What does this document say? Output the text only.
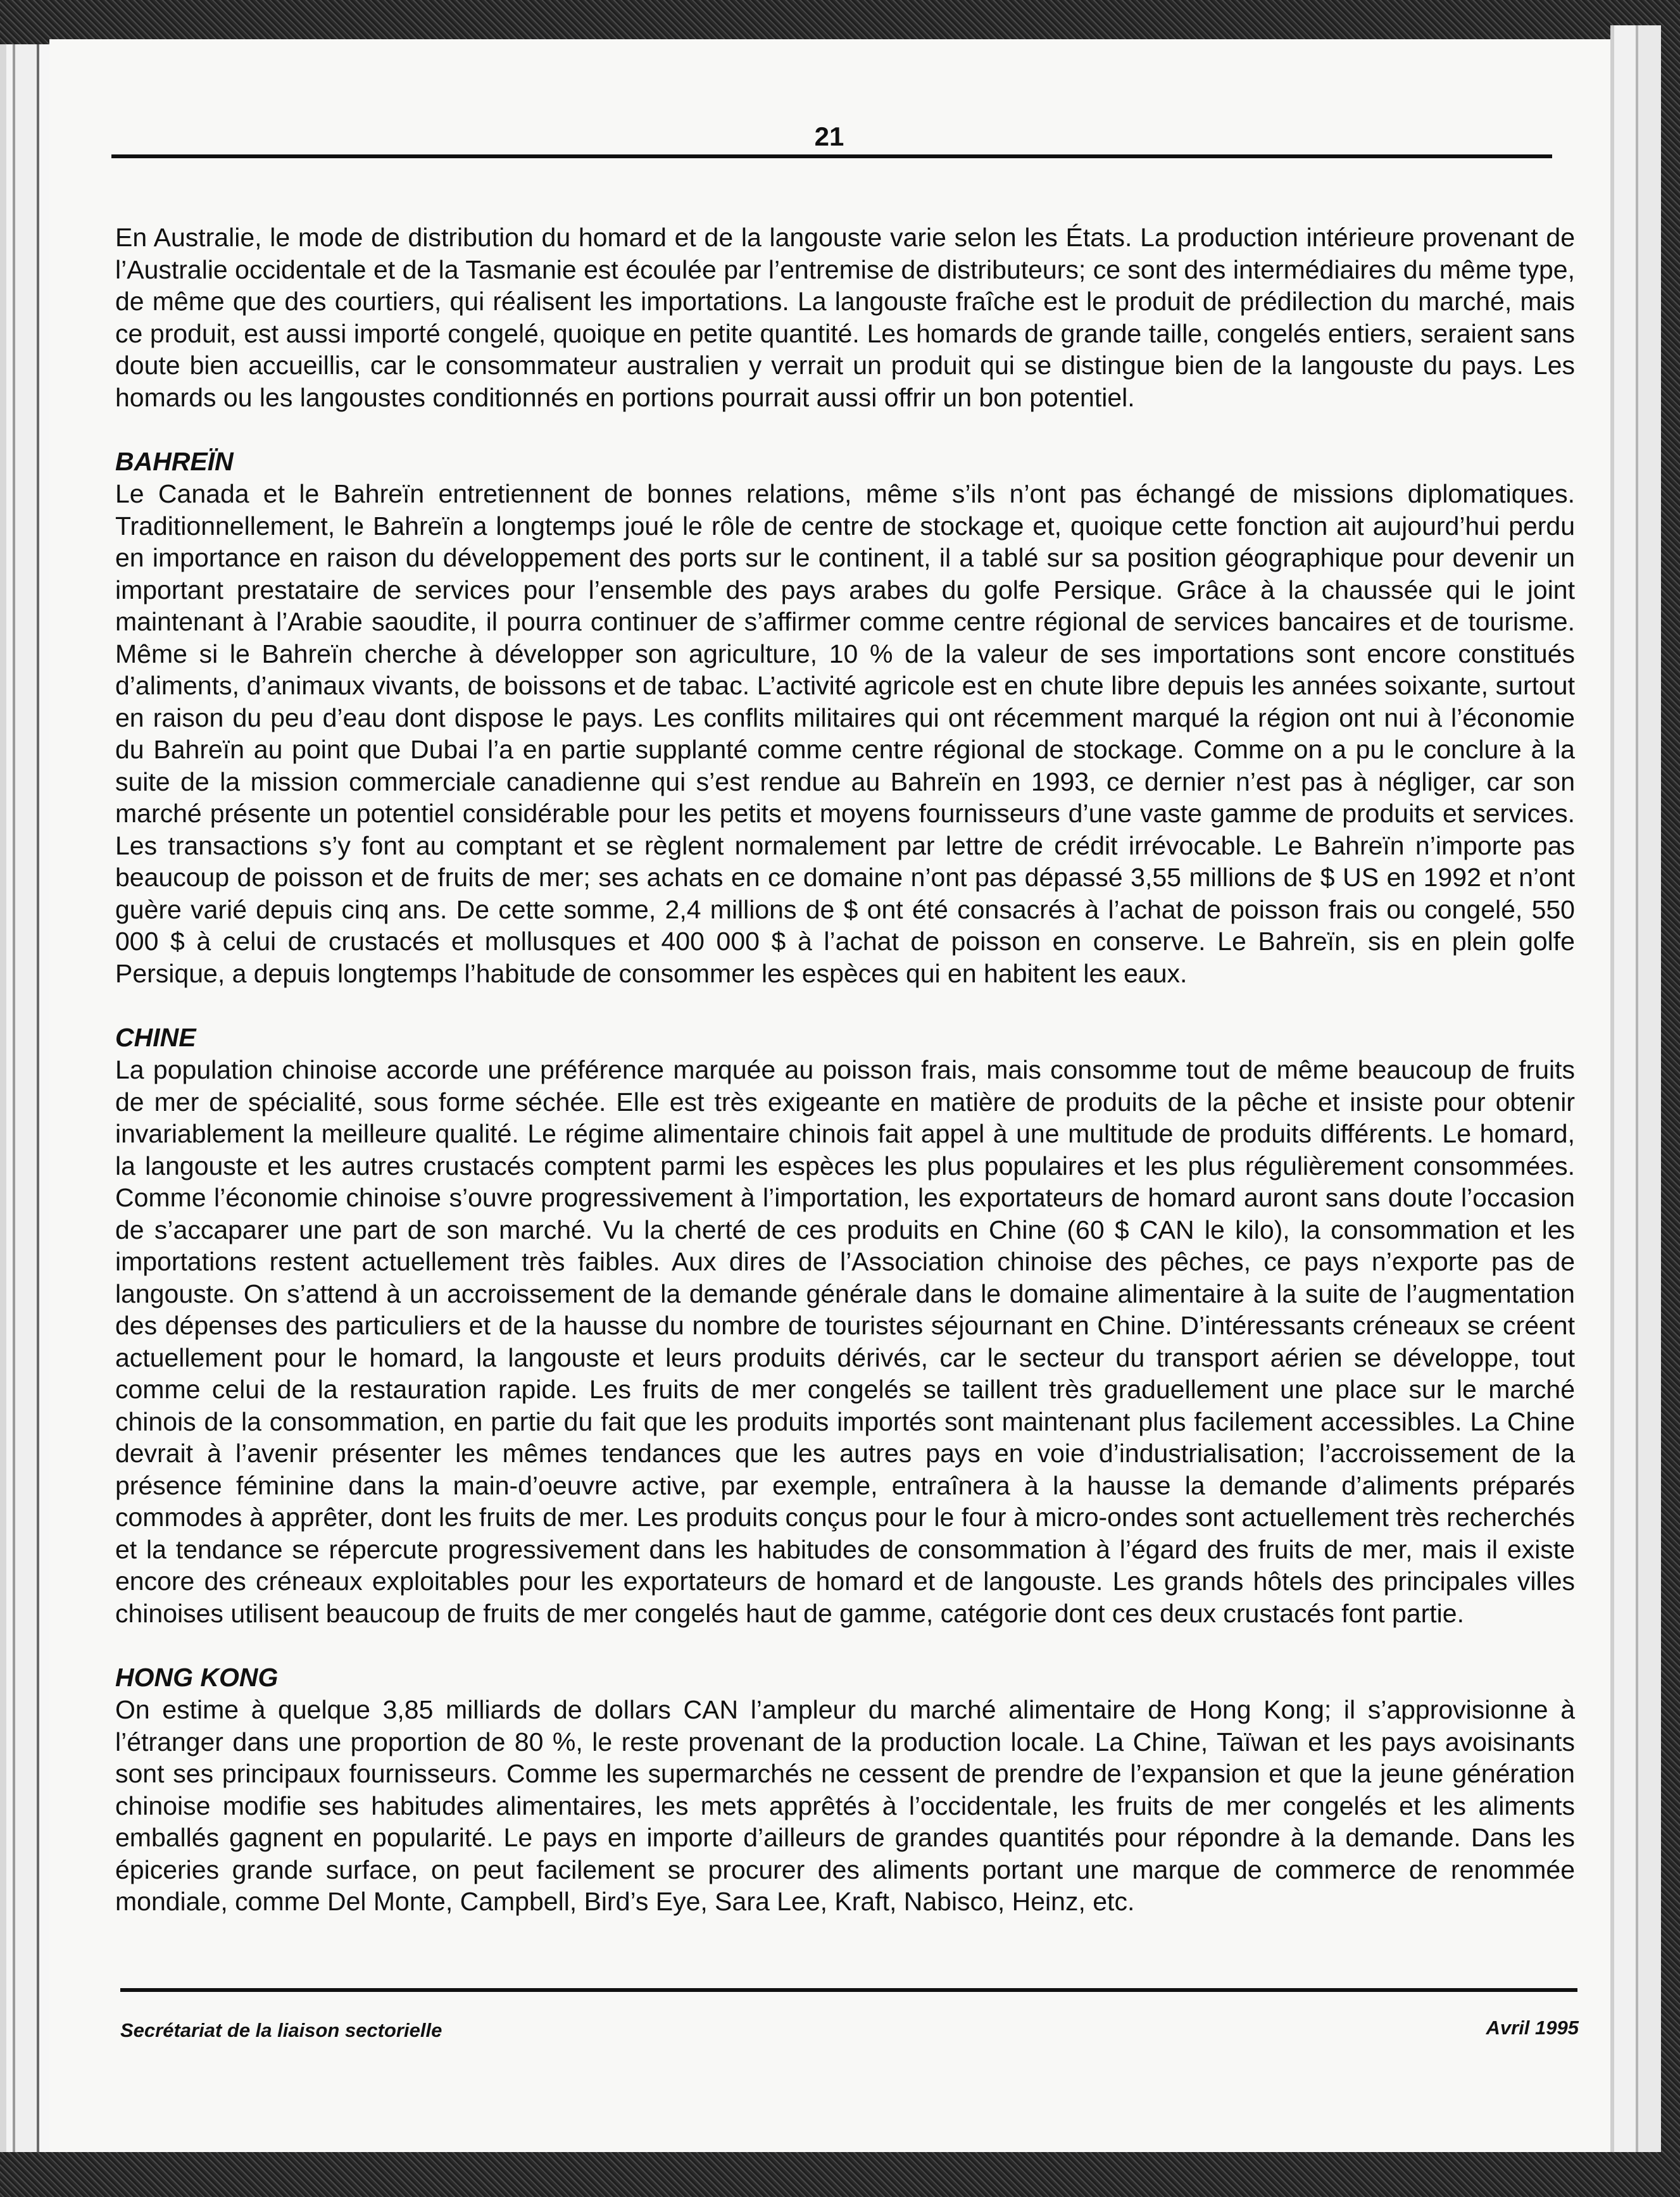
21

En Australie, le mode de distribution du homard et de la langouste varie selon les États. La production intérieure provenant de l’Australie occidentale et de la Tasmanie est écoulée par l’entremise de distributeurs; ce sont des intermédiaires du même type, de même que des courtiers, qui réalisent les importations. La langouste fraîche est le produit de prédilection du marché, mais ce produit, est aussi importé congelé, quoique en petite quantité. Les homards de grande taille, congelés entiers, seraient sans doute bien accueillis, car le consommateur australien y verrait un produit qui se distingue bien de la langouste du pays. Les homards ou les langoustes conditionnés en portions pourrait aussi offrir un bon potentiel.

BAHREÏN

Le Canada et le Bahreïn entretiennent de bonnes relations, même s’ils n’ont pas échangé de missions diplomatiques. Traditionnellement, le Bahreïn a longtemps joué le rôle de centre de stockage et, quoique cette fonction ait aujourd’hui perdu en importance en raison du développement des ports sur le continent, il a tablé sur sa position géographique pour devenir un important prestataire de services pour l’ensemble des pays arabes du golfe Persique. Grâce à la chaussée qui le joint maintenant à l’Arabie saoudite, il pourra continuer de s’affirmer comme centre régional de services bancaires et de tourisme. Même si le Bahreïn cherche à développer son agriculture, 10 % de la valeur de ses importations sont encore constitués d’aliments, d’animaux vivants, de boissons et de tabac. L’activité agricole est en chute libre depuis les années soixante, surtout en raison du peu d’eau dont dispose le pays. Les conflits militaires qui ont récemment marqué la région ont nui à l’économie du Bahreïn au point que Dubai l’a en partie supplanté comme centre régional de stockage. Comme on a pu le conclure à la suite de la mission commerciale canadienne qui s’est rendue au Bahreïn en 1993, ce dernier n’est pas à négliger, car son marché présente un potentiel considérable pour les petits et moyens fournisseurs d’une vaste gamme de produits et services. Les transactions s’y font au comptant et se règlent normalement par lettre de crédit irrévocable. Le Bahreïn n’importe pas beaucoup de poisson et de fruits de mer; ses achats en ce domaine n’ont pas dépassé 3,55 millions de $ US en 1992 et n’ont guère varié depuis cinq ans. De cette somme, 2,4 millions de $ ont été consacrés à l’achat de poisson frais ou congelé, 550 000 $ à celui de crustacés et mollusques et 400 000 $ à l’achat de poisson en conserve. Le Bahreïn, sis en plein golfe Persique, a depuis longtemps l’habitude de consommer les espèces qui en habitent les eaux.

CHINE

La population chinoise accorde une préférence marquée au poisson frais, mais consomme tout de même beaucoup de fruits de mer de spécialité, sous forme séchée. Elle est très exigeante en matière de produits de la pêche et insiste pour obtenir invariablement la meilleure qualité. Le régime alimentaire chinois fait appel à une multitude de produits différents. Le homard, la langouste et les autres crustacés comptent parmi les espèces les plus populaires et les plus régulièrement consommées. Comme l’économie chinoise s’ouvre progressivement à l’importation, les exportateurs de homard auront sans doute l’occasion de s’accaparer une part de son marché. Vu la cherté de ces produits en Chine (60 $ CAN le kilo), la consommation et les importations restent actuellement très faibles. Aux dires de l’Association chinoise des pêches, ce pays n’exporte pas de langouste. On s’attend à un accroissement de la demande générale dans le domaine alimentaire à la suite de l’augmentation des dépenses des particuliers et de la hausse du nombre de touristes séjournant en Chine. D’intéressants créneaux se créent actuellement pour le homard, la langouste et leurs produits dérivés, car le secteur du transport aérien se développe, tout comme celui de la restauration rapide. Les fruits de mer congelés se taillent très graduellement une place sur le marché chinois de la consommation, en partie du fait que les produits importés sont maintenant plus facilement accessibles. La Chine devrait à l’avenir présenter les mêmes tendances que les autres pays en voie d’industrialisation; l’accroissement de la présence féminine dans la main-d’oeuvre active, par exemple, entraînera à la hausse la demande d’aliments préparés commodes à apprêter, dont les fruits de mer. Les produits conçus pour le four à micro-ondes sont actuellement très recherchés et la tendance se répercute progressivement dans les habitudes de consommation à l’égard des fruits de mer, mais il existe encore des créneaux exploitables pour les exportateurs de homard et de langouste. Les grands hôtels des principales villes chinoises utilisent beaucoup de fruits de mer congelés haut de gamme, catégorie dont ces deux crustacés font partie.

HONG KONG

On estime à quelque 3,85 milliards de dollars CAN l’ampleur du marché alimentaire de Hong Kong; il s’approvisionne à l’étranger dans une proportion de 80 %, le reste provenant de la production locale. La Chine, Taïwan et les pays avoisinants sont ses principaux fournisseurs. Comme les supermarchés ne cessent de prendre de l’expansion et que la jeune génération chinoise modifie ses habitudes alimentaires, les mets apprêtés à l’occidentale, les fruits de mer congelés et les aliments emballés gagnent en popularité. Le pays en importe d’ailleurs de grandes quantités pour répondre à la demande. Dans les épiceries grande surface, on peut facilement se procurer des aliments portant une marque de commerce de renommée mondiale, comme Del Monte, Campbell, Bird’s Eye, Sara Lee, Kraft, Nabisco, Heinz, etc.

Secrétariat de la liaison sectorielle	Avril 1995
